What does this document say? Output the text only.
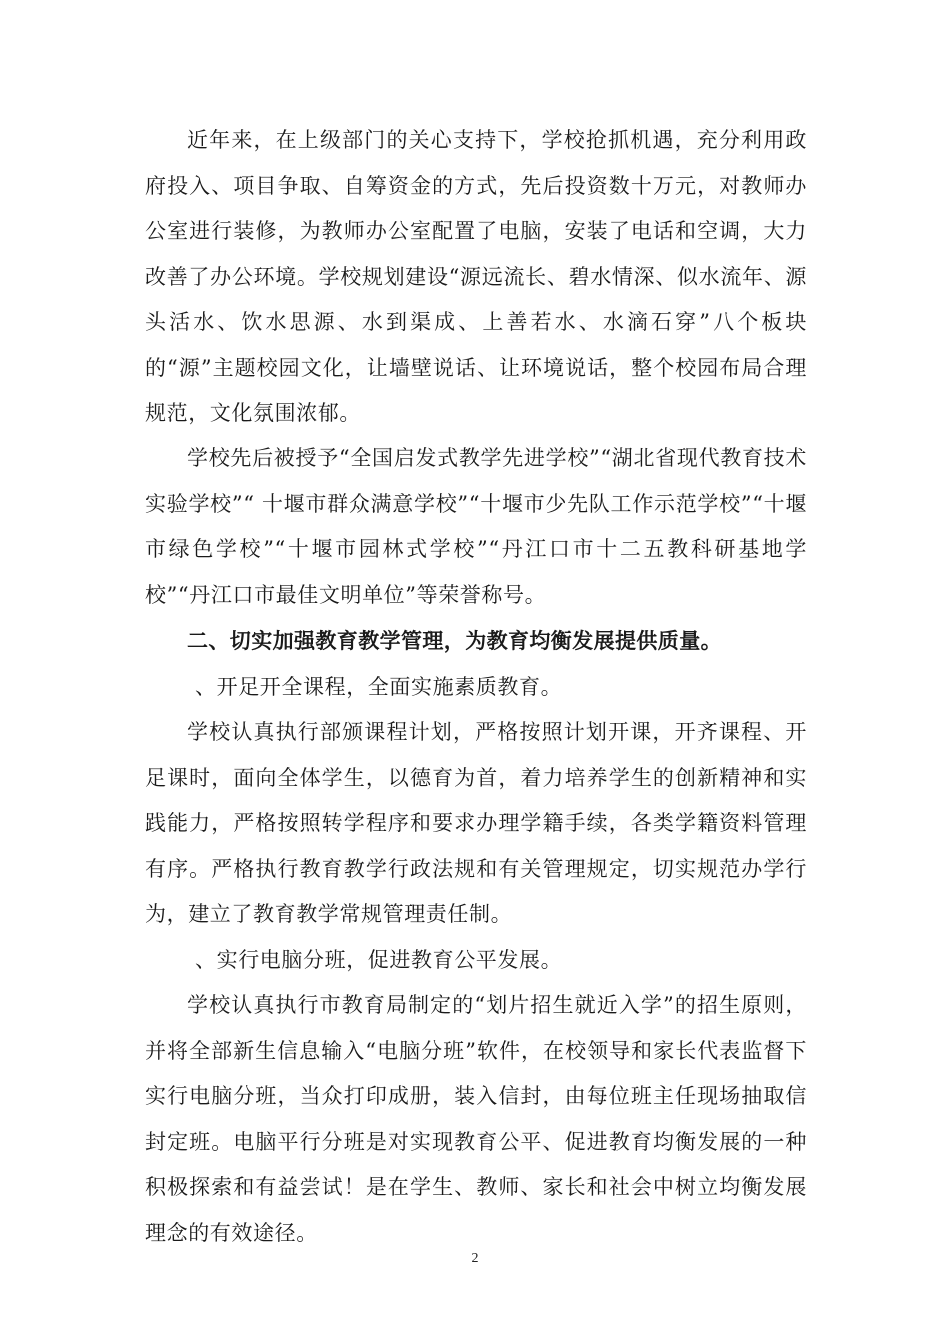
近年来，在上级部门的关心支持下，学校抢抓机遇，充分利用政府投入、项目争取、自筹资金的方式，先后投资数十万元，对教师办公室进行装修，为教师办公室配置了电脑，安装了电话和空调，大力改善了办公环境。学校规划建设“源远流长、碧水情深、似水流年、源头活水、饮水思源、水到渠成、上善若水、水滴石穿”八个板块的“源”主题校园文化，让墙壁说话、让环境说话，整个校园布局合理规范，文化氛围浓郁。

学校先后被授予“全国启发式教学先进学校”“湖北省现代教育技术实验学校”“ 十堰市群众满意学校”“十堰市少先队工作示范学校”“十堰市绿色学校”“十堰市园林式学校”“丹江口市十二五教科研基地学校”“丹江口市最佳文明单位”等荣誉称号。

二、切实加强教育教学管理，为教育均衡发展提供质量。

、开足开全课程，全面实施素质教育。

学校认真执行部颁课程计划，严格按照计划开课，开齐课程、开足课时，面向全体学生，以德育为首，着力培养学生的创新精神和实践能力，严格按照转学程序和要求办理学籍手续，各类学籍资料管理有序。严格执行教育教学行政法规和有关管理规定，切实规范办学行为，建立了教育教学常规管理责任制。

、实行电脑分班，促进教育公平发展。

学校认真执行市教育局制定的“划片招生就近入学”的招生原则，并将全部新生信息输入“电脑分班”软件，在校领导和家长代表监督下实行电脑分班，当众打印成册，装入信封，由每位班主任现场抽取信封定班。电脑平行分班是对实现教育公平、促进教育均衡发展的一种积极探索和有益尝试！是在学生、教师、家长和社会中树立均衡发展理念的有效途径。

2
